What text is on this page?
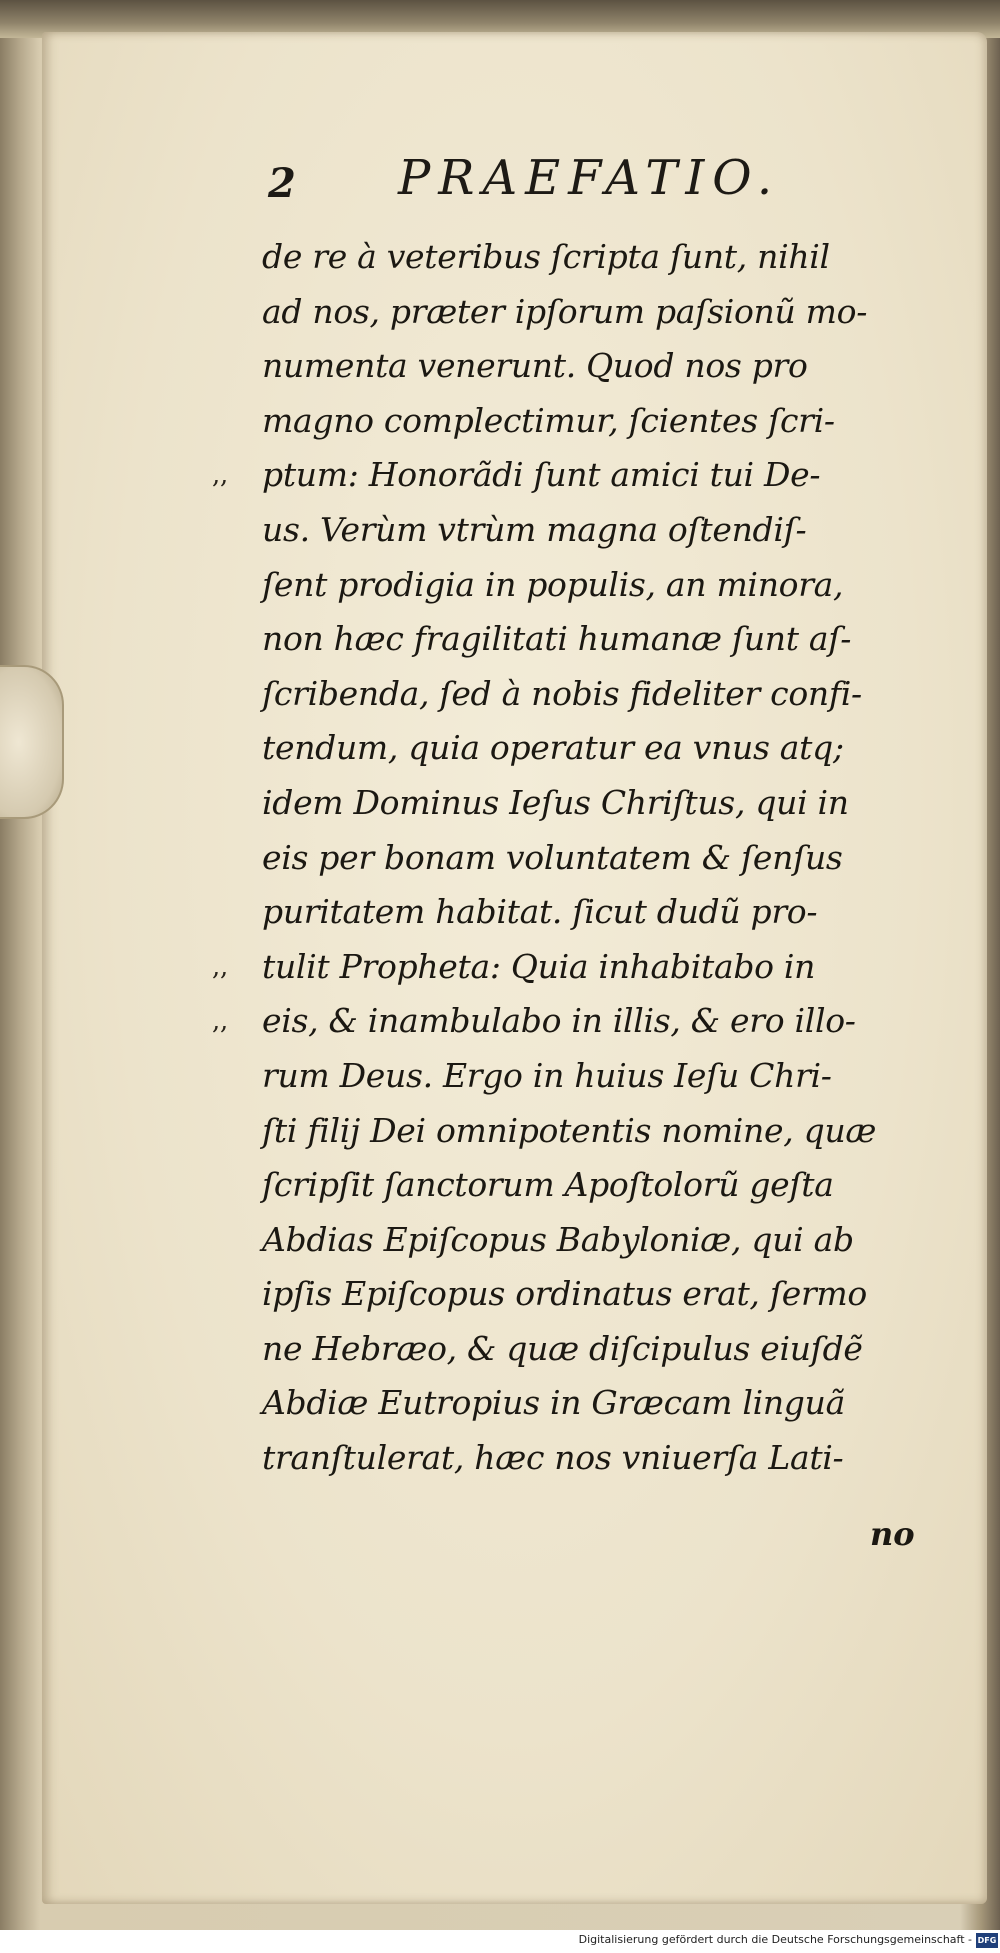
2 PRAEFATIO.
de re à veteribus ſcripta ſunt, nihil
ad nos, præter ipſorum paſsionũ mo-
numenta venerunt. Quod nos pro
magno complectimur, ſcientes ſcri-
,, ptum: Honorãdi ſunt amici tui De-
us. Verùm vtrùm magna oſtendiſ-
ſent prodigia in populis, an minora,
non hæc fragilitati humanæ ſunt aſ-
ſcribenda, ſed à nobis fideliter confi-
tendum, quia operatur ea vnus atq;
idem Dominus Ieſus Chriſtus, qui in
eis per bonam voluntatem & ſenſus
puritatem habitat. ſicut dudũ pro-
,, tulit Propheta: Quia inhabitabo in
,, eis, & inambulabo in illis, & ero illo-
rum Deus. Ergo in huius Ieſu Chri-
ſti filij Dei omnipotentis nomine, quæ
ſcripſit ſanctorum Apoſtolorũ geſta
Abdias Epiſcopus Babyloniæ, qui ab
ipſis Epiſcopus ordinatus erat, ſermo
ne Hebræo, & quæ diſcipulus eiuſdẽ
Abdiæ Eutropius in Græcam linguã
tranſtulerat, hæc nos vniuerſa Lati-
no
Digitalisierung gefördert durch die Deutsche Forschungsgemeinschaft - DFG
